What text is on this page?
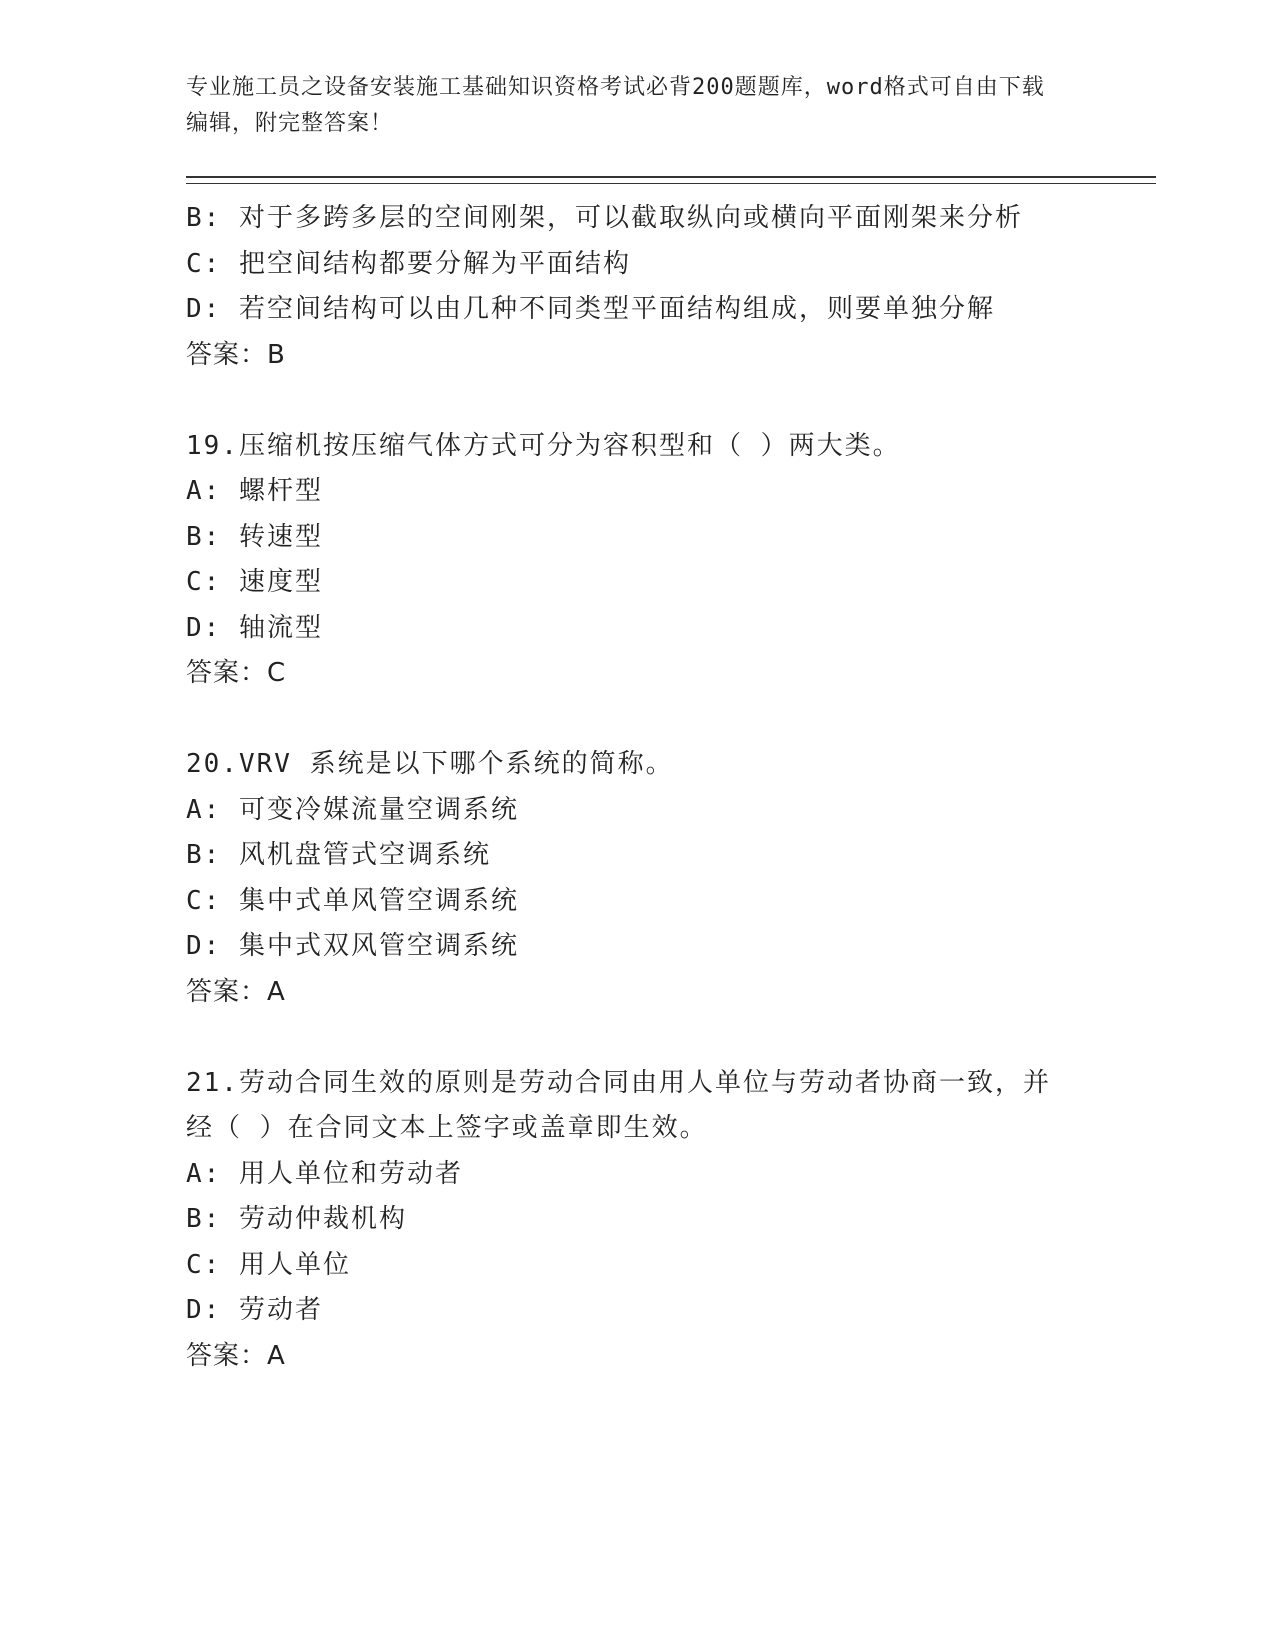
专业施工员之设备安装施工基础知识资格考试必背200题题库，word格式可自由下载编辑，附完整答案！

B: 对于多跨多层的空间刚架，可以截取纵向或横向平面刚架来分析
C: 把空间结构都要分解为平面结构
D: 若空间结构可以由几种不同类型平面结构组成，则要单独分解
答案：B
19.压缩机按压缩气体方式可分为容积型和（ ）两大类。
A: 螺杆型
B: 转速型
C: 速度型
D: 轴流型
答案：C
20.VRV 系统是以下哪个系统的简称。
A: 可变冷媒流量空调系统
B: 风机盘管式空调系统
C: 集中式单风管空调系统
D: 集中式双风管空调系统
答案：A
21.劳动合同生效的原则是劳动合同由用人单位与劳动者协商一致，并经（ ）在合同文本上签字或盖章即生效。
A: 用人单位和劳动者
B: 劳动仲裁机构
C: 用人单位
D: 劳动者
答案：A
